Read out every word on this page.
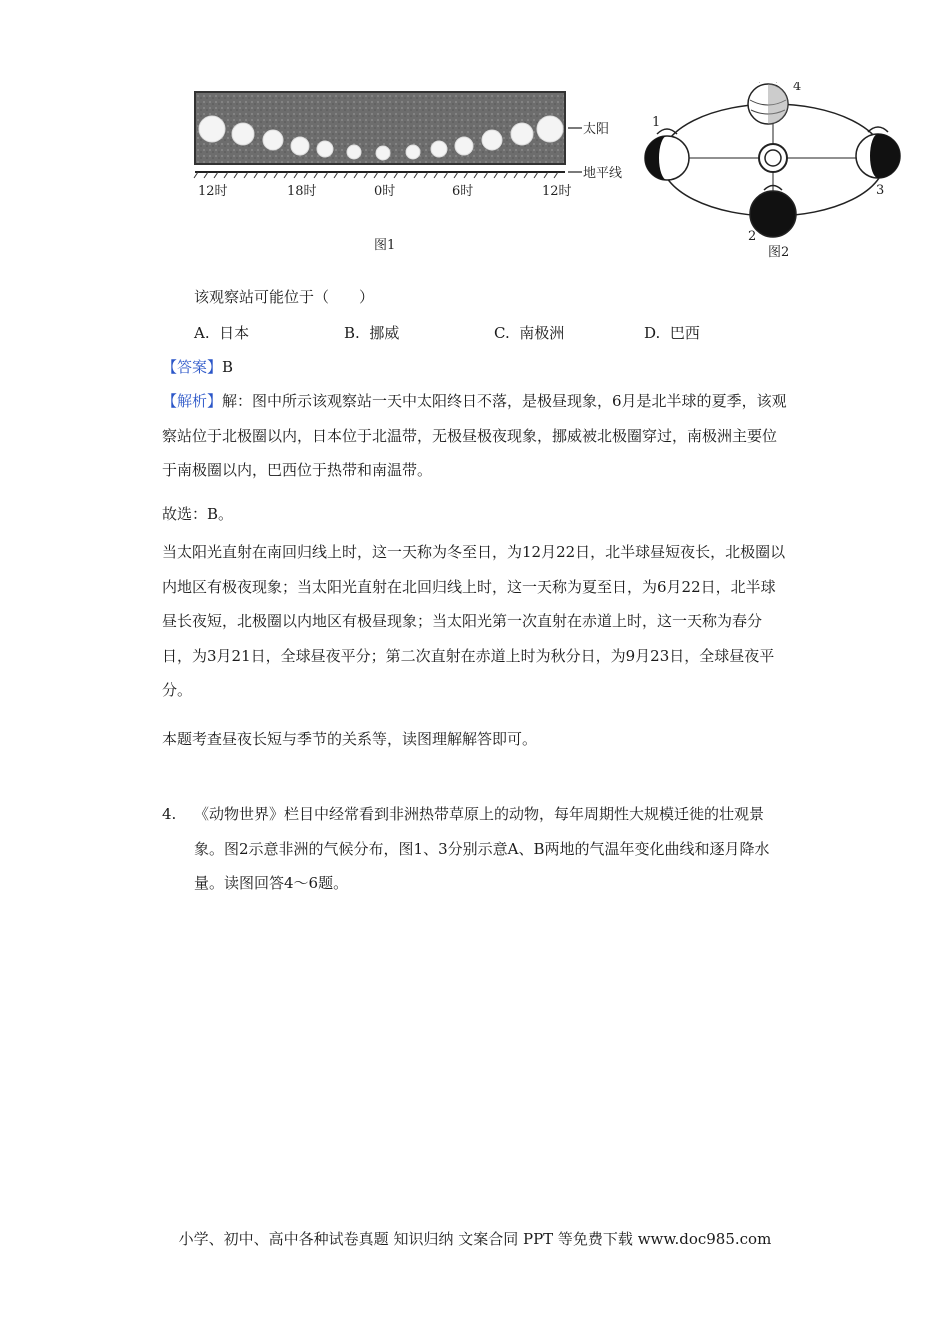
太阳
地平线
12时	18时	0时	6时	12时
图1
1
2
3
4
图2
该观察站可能位于（　　）
A. 日本	B. 挪威	C. 南极洲	D. 巴西
【答案】B
【解析】解：图中所示该观察站一天中太阳终日不落，是极昼现象，6月是北半球的夏季，该观察站位于北极圈以内，日本位于北温带，无极昼极夜现象，挪威被北极圈穿过，南极洲主要位于南极圈以内，巴西位于热带和南温带。
故选：B。
当太阳光直射在南回归线上时，这一天称为冬至日，为12月22日，北半球昼短夜长，北极圈以内地区有极夜现象；当太阳光直射在北回归线上时，这一天称为夏至日，为6月22日，北半球昼长夜短，北极圈以内地区有极昼现象；当太阳光第一次直射在赤道上时，这一天称为春分日，为3月21日，全球昼夜平分；第二次直射在赤道上时为秋分日，为9月23日，全球昼夜平分。
本题考查昼夜长短与季节的关系等，读图理解解答即可。
4. 《动物世界》栏目中经常看到非洲热带草原上的动物，每年周期性大规模迁徙的壮观景象。图2示意非洲的气候分布，图1、3分别示意A、B两地的气温年变化曲线和逐月降水量。读图回答4～6题。
小学、初中、高中各种试卷真题 知识归纳 文案合同 PPT 等免费下载 www.doc985.com
